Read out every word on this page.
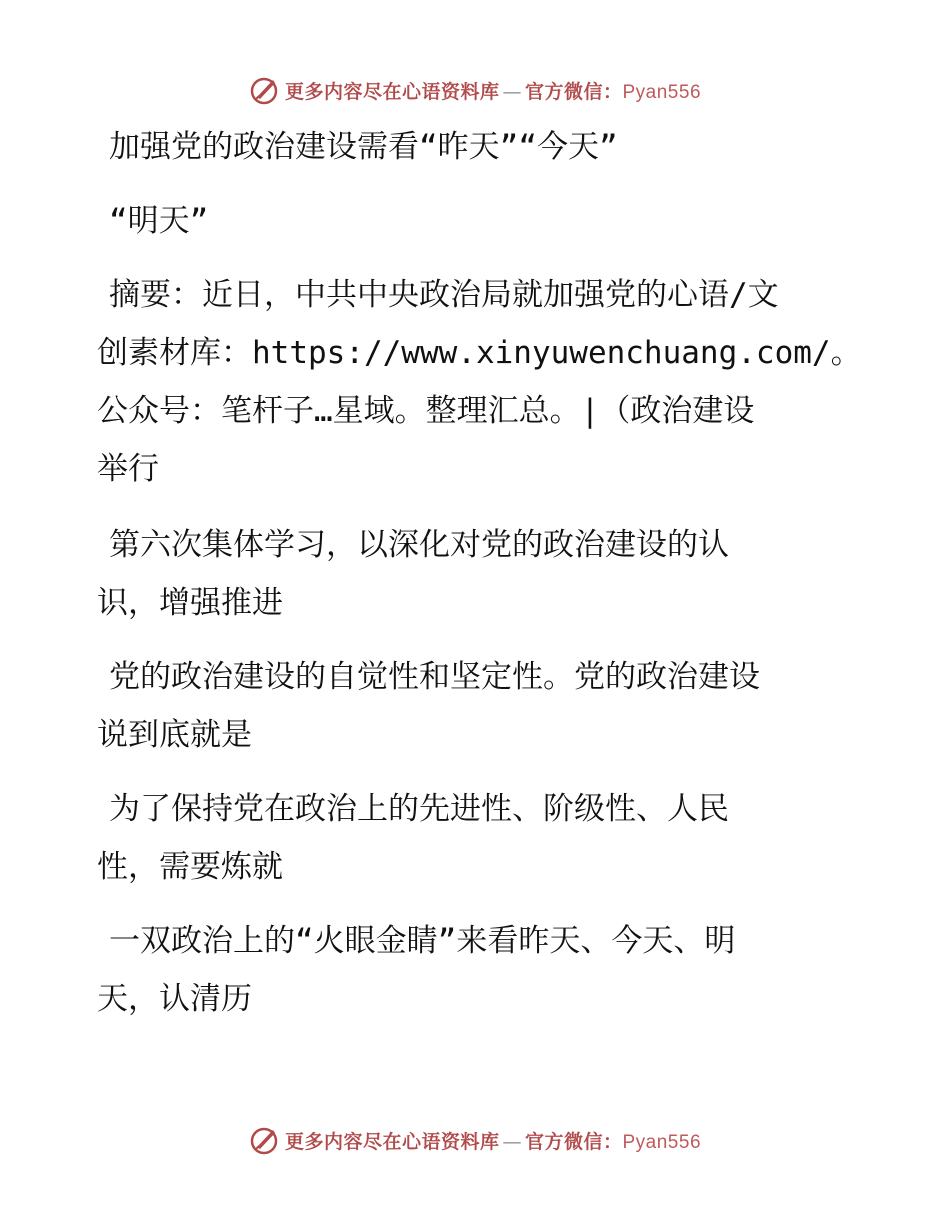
更多内容尽在心语资料库 — 官方微信：Pyan556
加强党的政治建设需看“昨天”“今天”
“明天”
摘要：近日，中共中央政治局就加强党的心语/文
创素材库：https://www.xinyuwenchuang.com/。
公众号：笔杆子…星域。整理汇总。|（政治建设
举行
第六次集体学习，以深化对党的政治建设的认
识，增强推进
党的政治建设的自觉性和坚定性。党的政治建设
说到底就是
为了保持党在政治上的先进性、阶级性、人民
性，需要炼就
一双政治上的“火眼金睛”来看昨天、今天、明
天，认清历
更多内容尽在心语资料库 — 官方微信：Pyan556
